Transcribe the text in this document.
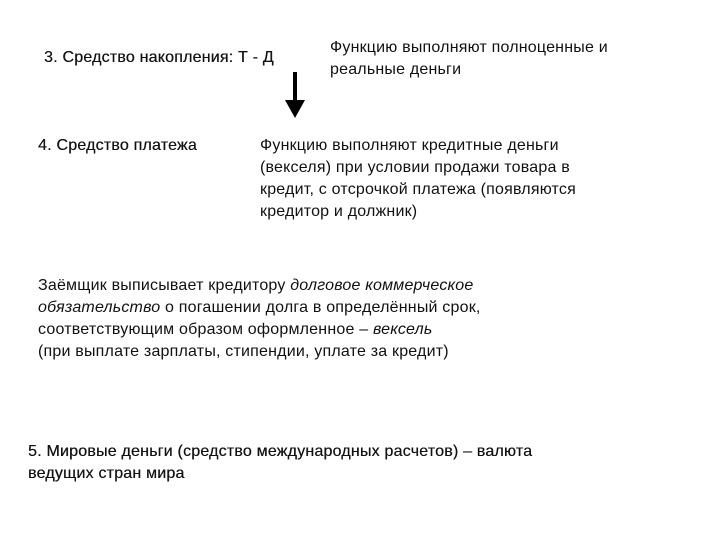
3. Средство накопления: Т - Д
Функцию выполняют полноценные и
реальные деньги
4. Средство платежа	Функцию выполняют кредитные деньги
(векселя) при условии продажи товара в
кредит, с отсрочкой платежа (появляются
кредитор и должник)
Заёмщик выписывает кредитору долговое коммерческое
обязательство о погашении долга в определённый срок,
соответствующим образом оформленное – вексель
(при выплате зарплаты, стипендии, уплате за кредит)
5. Мировые деньги (средство международных расчетов) – валюта
ведущих стран мира
